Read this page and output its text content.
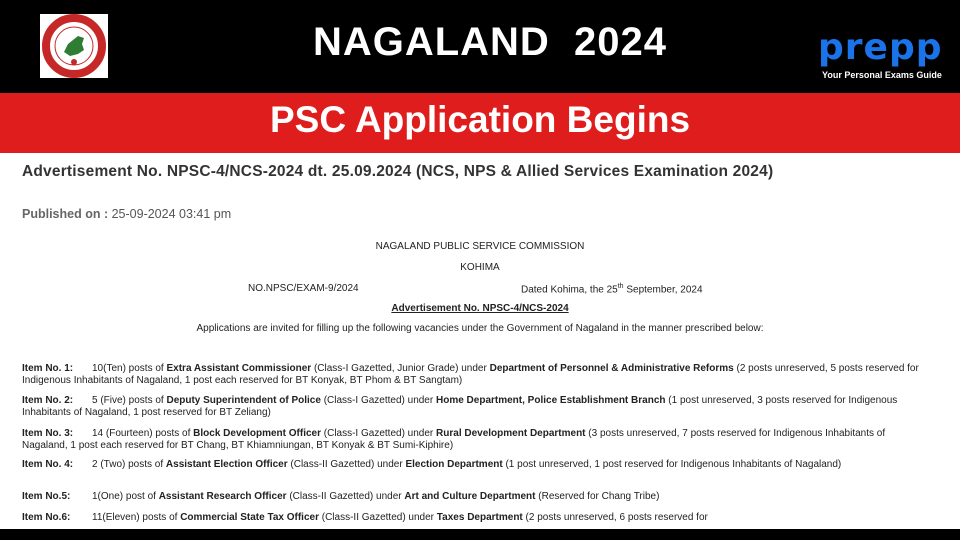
NAGALAND  2024	prepp
Your Personal Exams Guide
PSC Application Begins
Advertisement No. NPSC-4/NCS-2024 dt. 25.09.2024 (NCS, NPS & Allied Services Examination 2024)
Published on : 25-09-2024 03:41 pm
NAGALAND PUBLIC SERVICE COMMISSION
KOHIMA
NO.NPSC/EXAM-9/2024	Dated Kohima, the 25th September, 2024
Advertisement No. NPSC-4/NCS-2024
Applications are invited for filling up the following vacancies under the Government of Nagaland in the manner prescribed below:
Item No. 1: 10(Ten) posts of Extra Assistant Commissioner (Class-I Gazetted, Junior Grade) under Department of Personnel & Administrative Reforms (2 posts unreserved, 5 posts reserved for Indigenous Inhabitants of Nagaland, 1 post each reserved for BT Konyak, BT Phom & BT Sangtam)
Item No. 2: 5 (Five) posts of Deputy Superintendent of Police (Class-I Gazetted) under Home Department, Police Establishment Branch (1 post unreserved, 3 posts reserved for Indigenous Inhabitants of Nagaland, 1 post reserved for BT Zeliang)
Item No. 3: 14 (Fourteen) posts of Block Development Officer (Class-I Gazetted) under Rural Development Department (3 posts unreserved, 7 posts reserved for Indigenous Inhabitants of Nagaland, 1 post each reserved for BT Chang, BT Khiamniungan, BT Konyak & BT Sumi-Kiphire)
Item No. 4: 2 (Two) posts of Assistant Election Officer (Class-II Gazetted) under Election Department (1 post unreserved, 1 post reserved for Indigenous Inhabitants of Nagaland)
Item No.5: 1(One) post of Assistant Research Officer (Class-II Gazetted) under Art and Culture Department (Reserved for Chang Tribe)
Item No.6: 11(Eleven) posts of Commercial State Tax Officer (Class-II Gazetted) under Taxes Department (2 posts unreserved, 6 posts reserved for
